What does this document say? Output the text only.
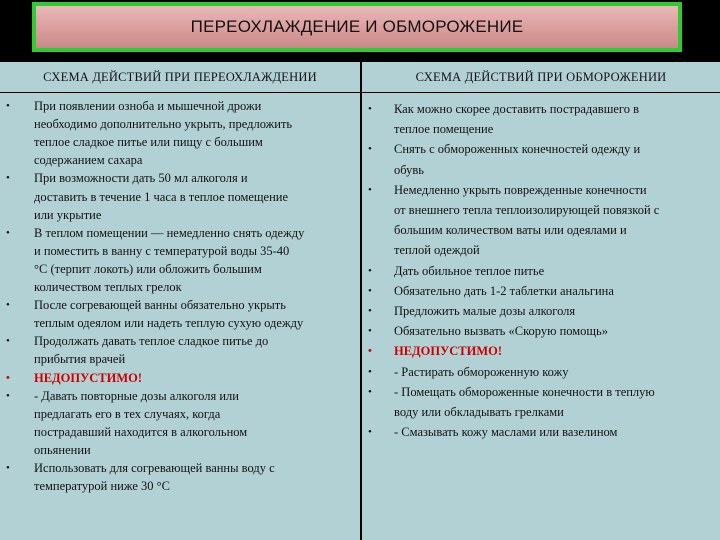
ПЕРЕОХЛАЖДЕНИЕ И ОБМОРОЖЕНИЕ
СХЕМА ДЕЙСТВИЙ ПРИ ПЕРЕОХЛАЖДЕНИИ	СХЕМА ДЕЙСТВИЙ ПРИ ОБМОРОЖЕНИИ
• При появлении озноба и мышечной дрожи
необходимо дополнительно укрыть, предложить
теплое сладкое питье или пищу с большим
содержанием сахара
• При возможности дать 50 мл алкоголя и
доставить в течение 1 часа в теплое помещение
или укрытие
• В теплом помещении — немедленно снять одежду
и поместить в ванну с температурой воды 35-40
°С (терпит локоть) или обложить большим
количеством теплых грелок
• После согревающей ванны обязательно укрыть
теплым одеялом или надеть теплую сухую одежду
• Продолжать давать теплое сладкое питье до
прибытия врачей
• НЕДОПУСТИМО!
• - Давать повторные дозы алкоголя или
предлагать его в тех случаях, когда
пострадавший находится в алкогольном
опьянении
• Использовать для согревающей ванны воду с
температурой ниже 30 °С
• Как можно скорее доставить пострадавшего в
теплое помещение
• Снять с обмороженных конечностей одежду и
обувь
• Немедленно укрыть поврежденные конечности
от внешнего тепла теплоизолирующей повязкой с
большим количеством ваты или одеялами и
теплой одеждой
• Дать обильное теплое питье
• Обязательно дать 1-2 таблетки анальгина
• Предложить малые дозы алкоголя
• Обязательно вызвать «Скорую помощь»
• НЕДОПУСТИМО!
• - Растирать обмороженную кожу
• - Помещать обмороженные конечности в теплую
воду или обкладывать грелками
• - Смазывать кожу маслами или вазелином
